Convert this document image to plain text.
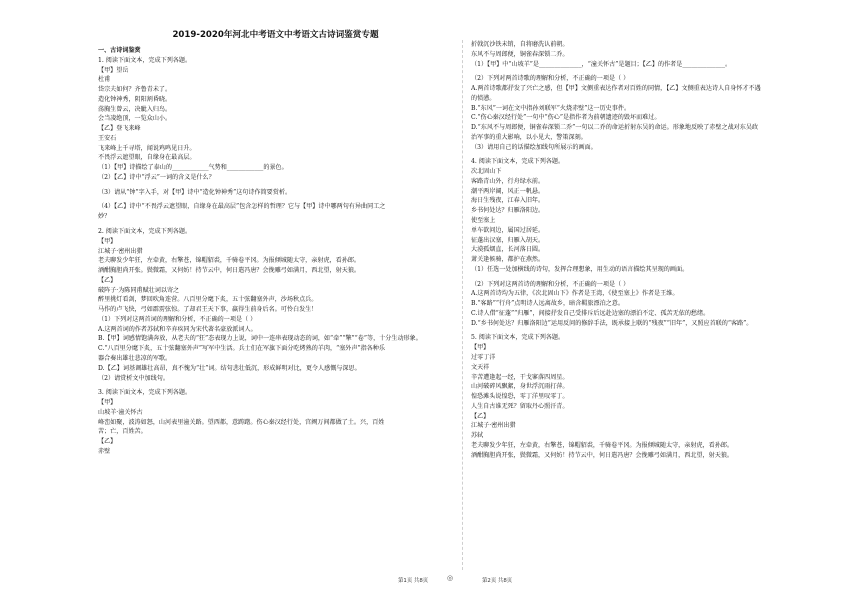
2019-2020年河北中考语文中考语文古诗词鉴赏专题
一、古诗词鉴赏
1. 阅读下面文本，完成下列各题。
【甲】望岳
杜甫
岱宗夫如何？齐鲁青未了。
造化钟神秀，阴阳割昏晓。
荡胸生曾云，决眦入归鸟。
会当凌绝顶，一览众山小。
【乙】登飞来峰
王安石
飞来峰上千寻塔，闻说鸡鸣见日升。
不畏浮云遮望眼，自缘身在最高层。
（1）【甲】诗描绘了泰山的____________气势和____________的景色。
（2）【乙】诗中“浮云”一词的含义是什么？
（3）请从“钟”字入手，对【甲】诗中“造化钟神秀”这句诗作简要赏析。
（4）【乙】诗中“不畏浮云遮望眼，自缘身在最高层”包含怎样的哲理？它与【甲】诗中哪两句有异曲同工之
妙？
2. 阅读下面文本，完成下列各题。
【甲】
江城子·密州出猎
老夫聊发少年狂，左牵黄，右擎苍，锦帽貂裘，千骑卷平冈。为报倾城随太守，亲射虎，看孙郎。
酒酣胸胆尚开张。鬓微霜，又何妨！持节云中，何日遣冯唐？会挽雕弓如满月，西北望，射天狼。
【乙】
破阵子·为陈同甫赋壮词以寄之
醉里挑灯看剑，梦回吹角连营。八百里分麾下炙，五十弦翻塞外声，沙场秋点兵。
马作的卢飞快，弓如霹雳弦惊。了却君王天下事，赢得生前身后名。可怜白发生！
（1）下列对这两首词的理解和分析，不正确的一项是（ ）
A.这两首词的作者苏轼和辛弃疾同为宋代著名豪放派词人。
B.【甲】词感情饱满奔放，从老夫的“狂”态表现力上说，词中一连串表现动态的词，如“牵”“擎”“卷”等，十分生动形象。
C.“八百里分麾下炙，五十弦翻塞外声”写军中生活。兵士们在军旗下面分吃烤熟的羊肉，“塞外声”指各种乐
器合奏出雄壮悲凉的军歌。
D.【乙】词基调雄壮高昂，真不愧为“壮”词。结句悲壮低沉，形成鲜明对比，更令人感慨与深思。
（2）请赏析文中加线句。
3. 阅读下面文本，完成下列各题。
【甲】
山坡羊·潼关怀古
峰峦如聚，波涛如怒，山河表里潼关路。望西都，意踌躇。伤心秦汉经行处，宫阙万间都做了土。兴，百姓
苦；亡，百姓苦。
【乙】
赤壁
折戟沉沙铁未销，自将磨洗认前朝。
东风不与周郎便，铜雀春深锁二乔。
（1）【甲】中“山坡羊”是______________，“潼关怀古”是题目；【乙】的作者是______________。
（2）下列对两首诗歌的理解和分析，不正确的一项是（ ）
A.两首诗歌都抒发了兴亡之感，但【甲】文侧重表达作者对百姓的同情，【乙】文侧重表达诗人自身怀才不遇
的愤懑。
B.“东风”一词在文中指孙刘联军“火烧赤壁”这一历史事件。
C.“伤心秦汉经行处”一句中“伤心”是指作者为前朝遗迹的毁坏而难过。
D.“东风不与周郎便，铜雀春深锁二乔”一句以二乔的命运折射东吴的命运。形象地反映了赤壁之战对东吴政
治军事的重大影响，以小见大，警策深刻。
（3）请用自己的话描绘加线句所展示的画面。
4. 阅读下面文本，完成下列各题。
次北固山下
客路青山外，行舟绿水前。
潮平两岸阔，风正一帆悬。
海日生残夜，江春入旧年。
乡书何处达？归雁洛阳边。
使至塞上
单车欲问边，属国过居延。
征蓬出汉塞，归雁入胡天。
大漠孤烟直，长河落日圆。
萧关逢候骑，都护在燕然。
（1）任选一处加横线的诗句，发挥合理想象，用生动的语言描绘其呈现的画面。
（2）下列对这两首诗的理解和分析，不正确的一项是（ ）
A.这两首诗均为五律，《次北固山下》作者是王湾，《使至塞上》作者是王维。
B.“客路”“行舟”点明诗人远离故乡，暗含羁旅漂泊之意。
C.诗人借“征蓬”“归雁”，间接抒发自己受排斥后远赴边塞的漂泊不定、孤苦无依的愁绪。
D.“乡书何处达？归雁洛阳边”运用反问的修辞手法，既承接上联的“残夜”“旧年”，又照应首联的“客路”。
5. 阅读下面文本，完成下列各题。
【甲】
过零丁洋
文天祥
辛苦遭逢起一经，干戈寥落四周星。
山河破碎风飘絮，身世浮沉雨打萍。
惶恐滩头说惶恐，零丁洋里叹零丁。
人生自古谁无死？留取丹心照汗青。
【乙】
江城子·密州出猎
苏轼
老夫聊发少年狂，左牵黄，右擎苍，锦帽貂裘，千骑卷平冈。为报倾城随太守，亲射虎，看孙郎。
酒酣胸胆尚开张，鬓微霜，又何妨！持节云中，何日遣冯唐？会挽雕弓如满月，西北望，射天狼。
第1页 共8页	◎	第2页 共8页
